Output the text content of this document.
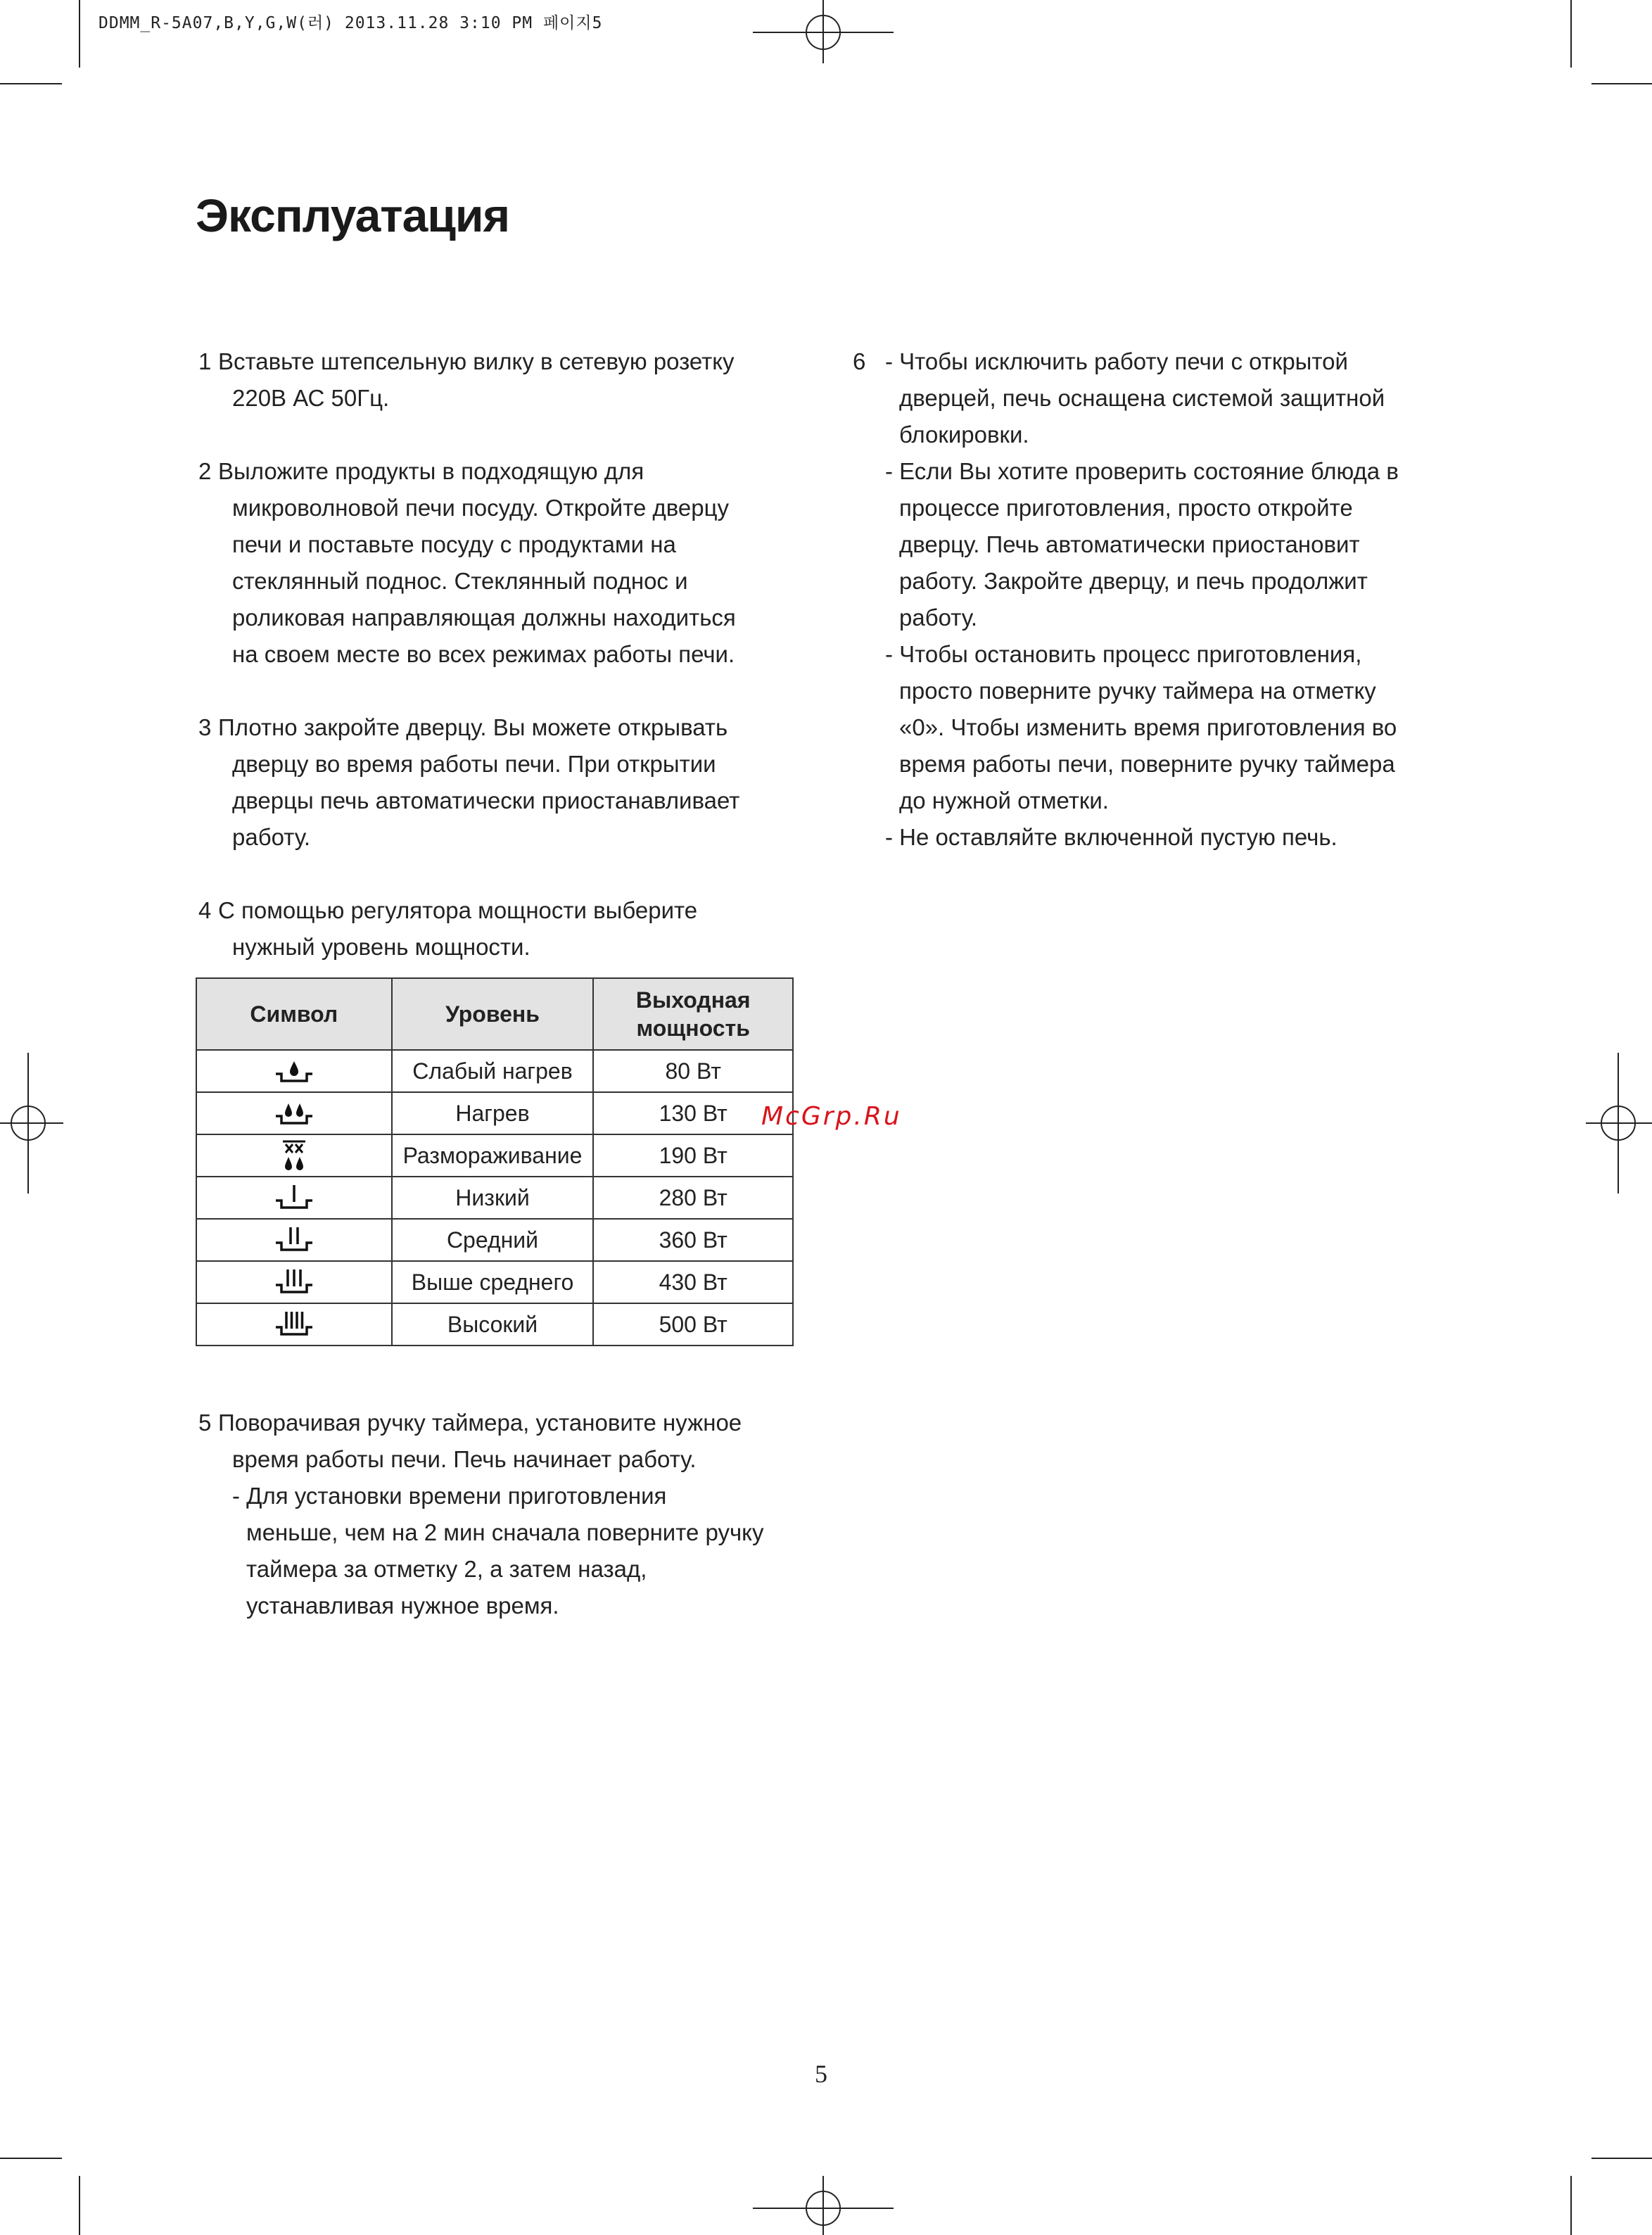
DDMM_R-5A07,B,Y,G,W(러) 2013.11.28 3:10 PM 페이지5
Эксплуатация
1 Вставьте штепсельную вилку в сетевую розетку
220В АС 50Гц.
2 Выложите продукты в подходящую для
микроволновой печи посуду. Откройте дверцу
печи и поставьте посуду с продуктами на
стеклянный поднос. Стеклянный поднос и
роликовая направляющая должны находиться
на своем месте во всех режимах работы печи.
3 Плотно закройте дверцу. Вы можете открывать
дверцу во время работы печи. При открытии
дверцы печь автоматически приостанавливает
работу.
4 С помощью регулятора мощности выберите
нужный уровень мощности.
Символ	Уровень	Выходная мощность

	Слабый нагрев	80 Вт

	Нагрев	130 Вт

	Размораживание	190 Вт

	Низкий	280 Вт

	Средний	360 Вт

	Выше среднего	430 Вт

	Высокий	500 Вт
McGrp.Ru
5 Поворачивая ручку таймера, установите нужное
время работы печи. Печь начинает работу.
- Для установки времени приготовления
меньше, чем на 2 мин сначала поверните ручку
таймера за отметку 2, а затем назад,
устанавливая нужное время.
6 - Чтобы исключить работу печи с открытой
дверцей, печь оснащена системой защитной
блокировки.
- Если Вы хотите проверить состояние блюда в
процессе приготовления, просто откройте
дверцу. Печь автоматически приостановит
работу. Закройте дверцу, и печь продолжит
работу.
- Чтобы остановить процесс приготовления,
просто поверните ручку таймера на отметку
«0». Чтобы изменить время приготовления во
время работы печи, поверните ручку таймера
до нужной отметки.
- Не оставляйте включенной пустую печь.
5
